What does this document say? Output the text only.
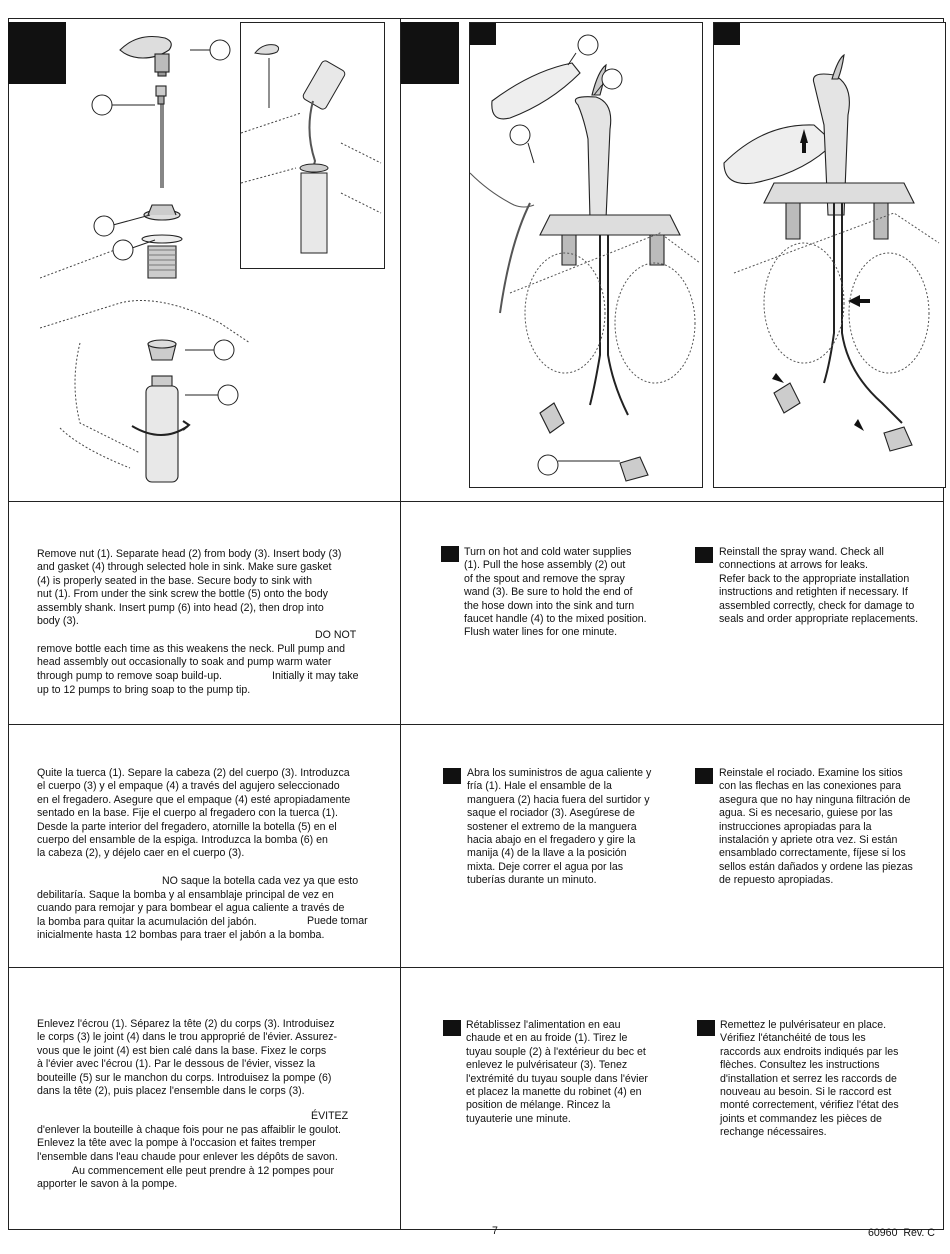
Remove nut (1). Separate head (2) from body (3). Insert body (3)
and gasket (4) through selected hole in sink. Make sure gasket
(4) is properly seated in the base. Secure body to sink with
nut (1). From under the sink screw the bottle (5) onto the body
assembly shank. Insert pump (6) into head (2), then drop into
body (3).
DO NOT
remove bottle each time as this weakens the neck. Pull pump and
head assembly out occasionally to soak and pump warm water
through pump to remove soap build-up.	Initially it may take
up to 12 pumps to bring soap to the pump tip.
Turn on hot and cold water supplies
(1). Pull the hose assembly (2) out
of the spout and remove the spray
wand (3). Be sure to hold the end of
the hose down into the sink and turn
faucet handle (4) to the mixed position.
Flush water lines for one minute.
Reinstall the spray wand. Check all
connections at arrows for leaks.
Refer back to the appropriate installation
instructions and retighten if necessary. If
assembled correctly, check for damage to
seals and order appropriate replacements.
Quite la tuerca (1). Separe la cabeza (2) del cuerpo (3). Introduzca
el cuerpo (3) y el empaque (4) a través del agujero seleccionado
en el fregadero. Asegure que el empaque (4) esté apropiadamente
sentado en la base. Fije el cuerpo al fregadero con la tuerca (1).
Desde la parte interior del fregadero, atornille la botella (5) en el
cuerpo del ensamble de la espiga. Introduzca la bomba (6) en
la cabeza (2), y déjelo caer en el cuerpo (3).
NO saque la botella cada vez ya que esto
debilitaría. Saque la bomba y al ensamblaje principal de vez en
cuando para remojar y para bombear el agua caliente a través de
la bomba para quitar la acumulación del jabón.	Puede tomar
inicialmente hasta 12 bombas para traer el jabón a la bomba.
Abra los suministros de agua caliente y
fría (1). Hale el ensamble de la
manguera (2) hacia fuera del surtidor y
saque el rociador (3). Asegúrese de
sostener el extremo de la manguera
hacia abajo en el fregadero y gire la
manija (4) de la llave a la posición
mixta. Deje correr el agua por las
tuberías durante un minuto.
Reinstale el rociado. Examine los sitios
con las flechas en las conexiones para
asegura que no hay ninguna filtración de
agua. Si es necesario, guiese por las
instrucciones apropiadas para la
instalación y apriete otra vez. Si están
ensamblado correctamente, fíjese si los
sellos están dañados y ordene las piezas
de repuesto apropiadas.
Enlevez l'écrou (1). Séparez la tête (2) du corps (3). Introduisez
le corps (3) le joint (4) dans le trou approprié de l'évier. Assurez-
vous que le joint (4) est bien calé dans la base. Fixez le corps
à l'évier avec l'écrou (1). Par le dessous de l'évier, vissez la
bouteille (5) sur le manchon du corps. Introduisez la pompe (6)
dans la tête (2), puis placez l'ensemble dans le corps (3).
ÉVITEZ
d'enlever la bouteille à chaque fois pour ne pas affaiblir le goulot.
Enlevez la tête avec la pompe à l'occasion et faites tremper
l'ensemble dans l'eau chaude pour enlever les dépôts de savon.
Au commencement elle peut prendre à 12 pompes pour
apporter le savon à la pompe.
Rétablissez l'alimentation en eau
chaude et en au froide (1). Tirez le
tuyau souple (2) à l'extérieur du bec et
enlevez le pulvérisateur (3). Tenez
l'extrémité du tuyau souple dans l'évier
et placez la manette du robinet (4) en
position de mélange. Rincez la
tuyauterie une minute.
Remettez le pulvérisateur en place.
Vérifiez l'étanchéité de tous les
raccords aux endroits indiqués par les
flèches. Consultez les instructions
d'installation et serrez les raccords de
nouveau au besoin. Si le raccord est
monté correctement, vérifiez l'état des
joints et commandez les pièces de
rechange nécessaires.
7	60960  Rev. C
